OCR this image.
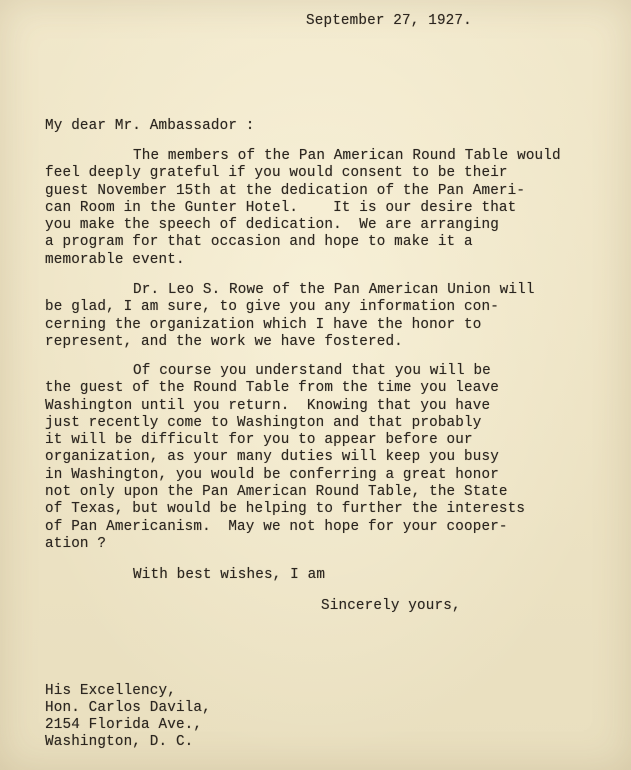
September 27, 1927.
My dear Mr. Ambassador :
The members of the Pan American Round Table would
feel deeply grateful if you would consent to be their
guest November 15th at the dedication of the Pan Ameri-
can Room in the Gunter Hotel.    It is our desire that
you make the speech of dedication.  We are arranging
a program for that occasion and hope to make it a
memorable event.
Dr. Leo S. Rowe of the Pan American Union will
be glad, I am sure, to give you any information con-
cerning the organization which I have the honor to
represent, and the work we have fostered.
Of course you understand that you will be
the guest of the Round Table from the time you leave
Washington until you return.  Knowing that you have
just recently come to Washington and that probably
it will be difficult for you to appear before our
organization, as your many duties will keep you busy
in Washington, you would be conferring a great honor
not only upon the Pan American Round Table, the State
of Texas, but would be helping to further the interests
of Pan Americanism.  May we not hope for your cooper-
ation ?
With best wishes, I am
Sincerely yours,
His Excellency,
Hon. Carlos Davila,
2154 Florida Ave.,
Washington, D. C.
